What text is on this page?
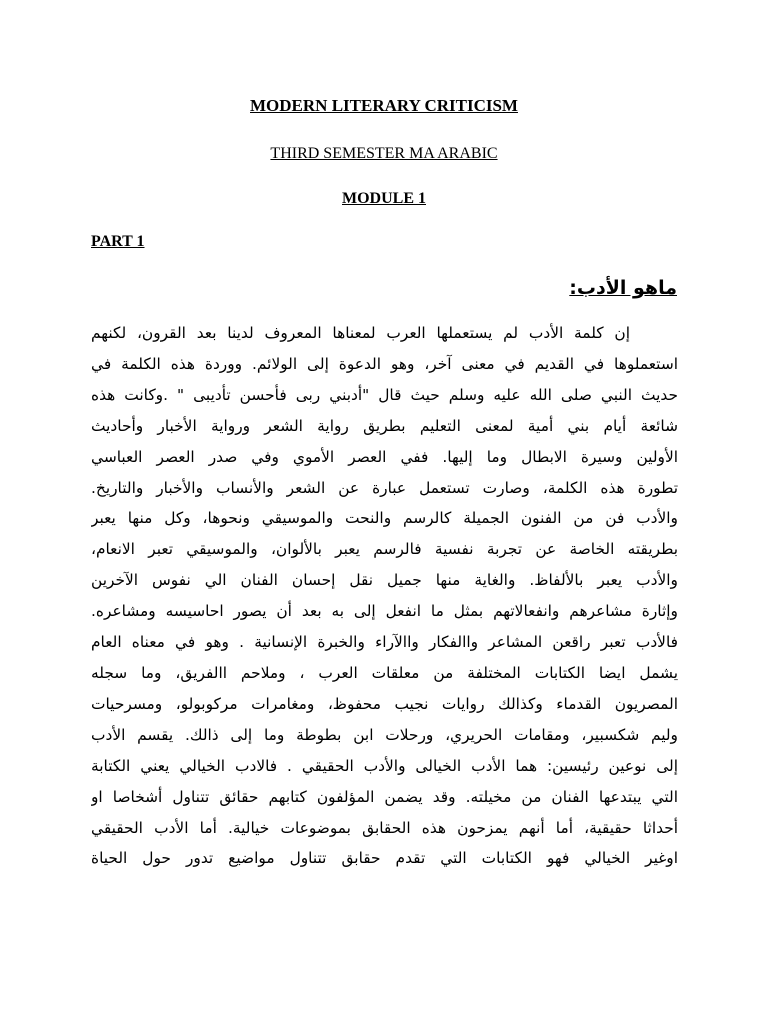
MODERN LITERARY CRITICISM
THIRD SEMESTER MA ARABIC
MODULE 1
PART 1
ماهو الأدب:
إن كلمة الأدب لم يستعملها العرب لمعناها المعروف لدينا بعد القرون، لكنهم
استعملوها في القديم في معنى آخر، وهو الدعوة إلى الولائم. ووردة هذه الكلمة في
حديث النبي صلى الله عليه وسلم حيث قال "أدبني ربى فأحسن تأديبى " .وكانت هذه
شائعة أيام بني أمية لمعنى التعليم بطريق رواية الشعر ورواية الأخبار وأحاديث
الأولين وسيرة الابطال وما إليها. ففي العصر الأموي وفي صدر العصر العباسي
تطورة هذه الكلمة، وصارت تستعمل عبارة عن الشعر والأنساب والأخبار والتاريخ.
والأدب فن من الفنون الجميلة كالرسم والنحت والموسيقي ونحوها، وكل منها يعبر
بطريقته الخاصة عن تجربة نفسية فالرسم يعبر بالألوان، والموسيقي تعبر الانعام،
والأدب يعبر بالألفاظ. والغاية منها جميل نقل إحسان الفنان الي نفوس الآخرين
وإثارة مشاعرهم وانفعالاتهم بمثل ما انفعل إلى به بعد أن يصور احاسيسه ومشاعره.
فالأدب تعبر راقعن المشاعر واالفكار واالآراء والخبرة الإنسانية . وهو في معناه العام
يشمل ايضا الكتابات المختلفة من معلقات العرب ، وملاحم االفريق، وما سجله
المصريون القدماء وكذالك روايات نجيب محفوظ، ومغامرات مركوبولو، ومسرحيات
وليم شكسبير، ومقامات الحريري، ورحلات ابن بطوطة وما إلى ذالك. يقسم الأدب
إلى نوعين رئيسين: هما الأدب الخيالى والأدب الحقيقي . فالادب الخيالي يعني الكتابة
التي يبتدعها الفنان من مخيلته. وقد يضمن المؤلفون كتابهم حقائق تتناول أشخاصا او
أحداثا حقيقية، أما أنهم يمزحون هذه الحقابق بموضوعات خيالية. أما الأدب الحقيقي
اوغير الخيالي فهو الكتابات التي تقدم حقابق تتناول مواضيع تدور حول الحياة
